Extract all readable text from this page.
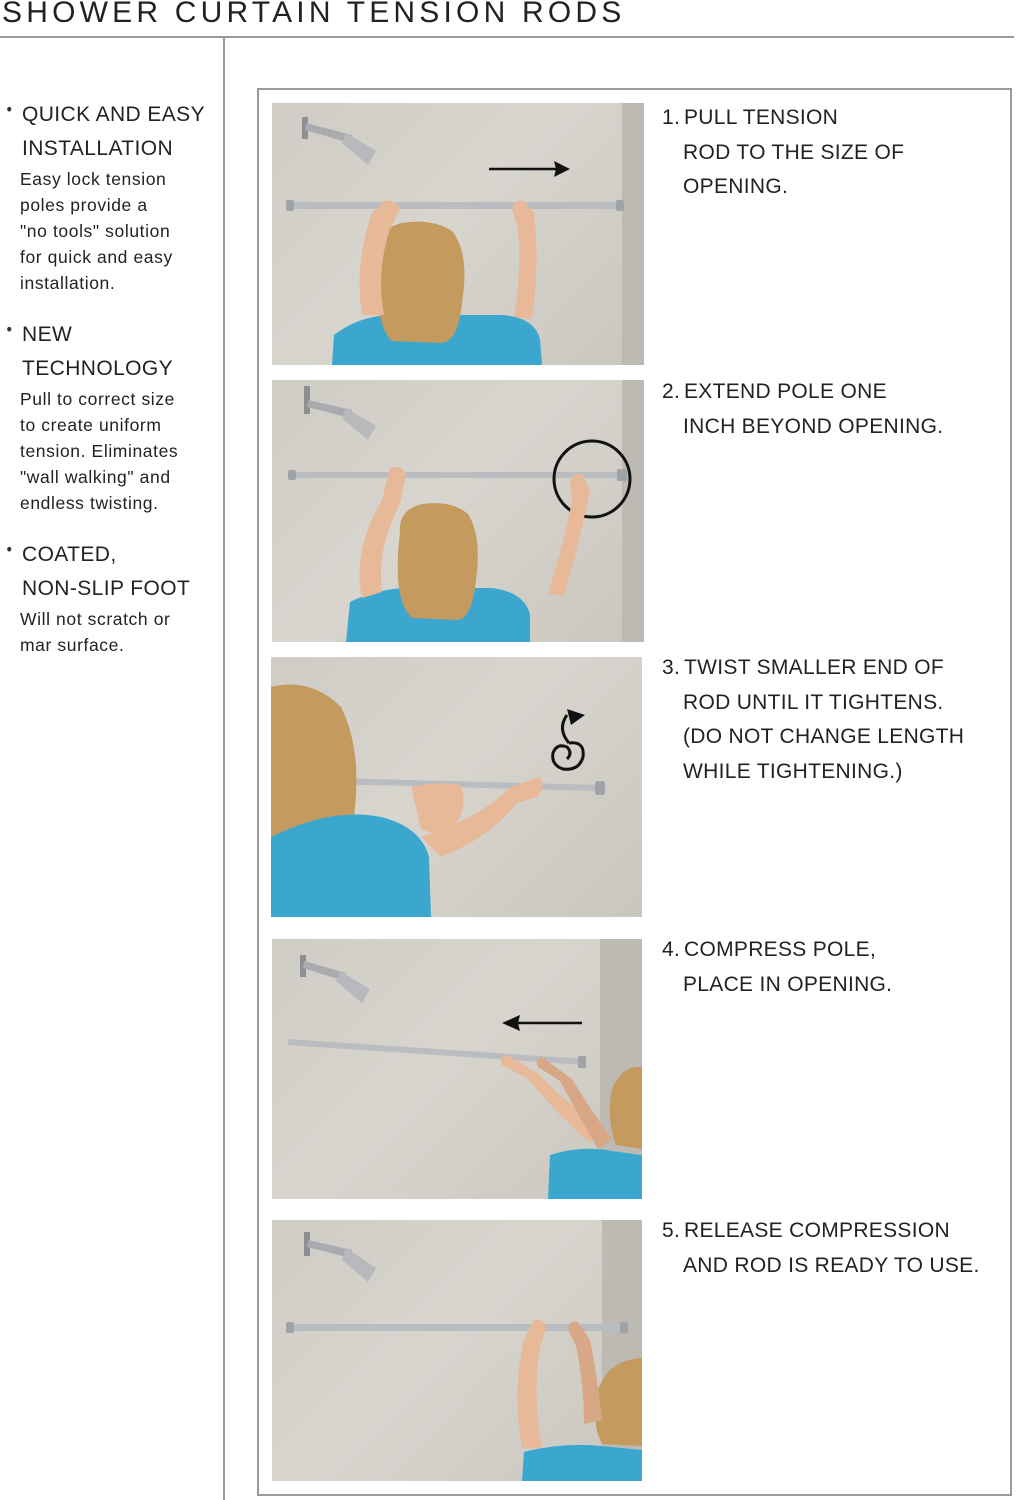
SHOWER CURTAIN TENSION RODS
• QUICK AND EASY
INSTALLATION
Easy lock tension
poles provide a
"no tools" solution
for quick and easy
installation.
• NEW
TECHNOLOGY
Pull to correct size
to create uniform
tension. Eliminates
"wall walking" and
endless twisting.
• COATED,
NON-SLIP FOOT
Will not scratch or
mar surface.
1. PULL TENSION
ROD TO THE SIZE OF
OPENING.
2. EXTEND POLE ONE
INCH BEYOND OPENING.
3. TWIST SMALLER END OF
ROD UNTIL IT TIGHTENS.
(DO NOT CHANGE LENGTH
WHILE TIGHTENING.)
4. COMPRESS POLE,
PLACE IN OPENING.
5. RELEASE COMPRESSION
AND ROD IS READY TO USE.
